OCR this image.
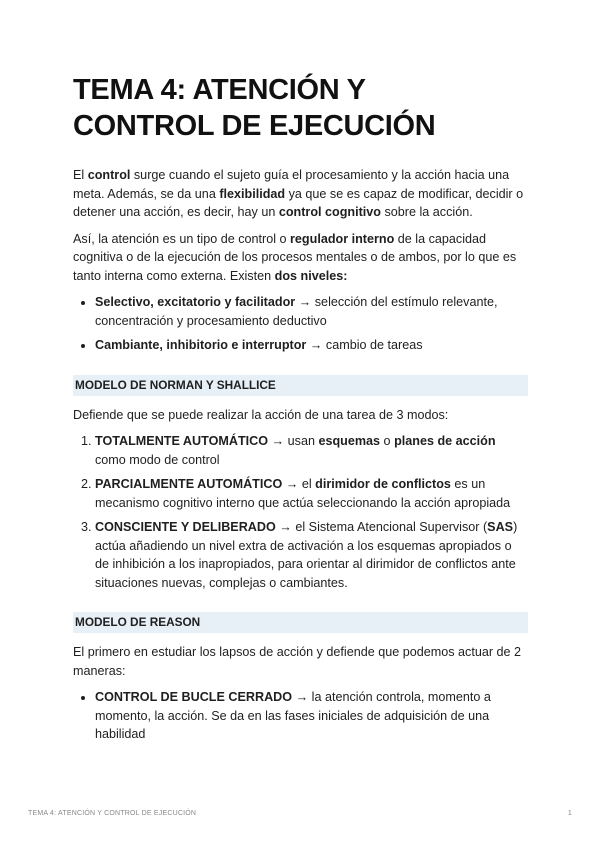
TEMA 4: ATENCIÓN Y
CONTROL DE EJECUCIÓN

El control surge cuando el sujeto guía el procesamiento y la acción hacia una meta. Además, se da una flexibilidad ya que se es capaz de modificar, decidir o detener una acción, es decir, hay un control cognitivo sobre la acción.

Así, la atención es un tipo de control o regulador interno de la capacidad cognitiva o de la ejecución de los procesos mentales o de ambos, por lo que es tanto interna como externa. Existen dos niveles:

• Selectivo, excitatorio y facilitador → selección del estímulo relevante, concentración y procesamiento deductivo
• Cambiante, inhibitorio e interruptor → cambio de tareas
MODELO DE NORMAN Y SHALLICE

Defiende que se puede realizar la acción de una tarea de 3 modos:

1. TOTALMENTE AUTOMÁTICO → usan esquemas o planes de acción como modo de control
2. PARCIALMENTE AUTOMÁTICO → el dirimidor de conflictos es un mecanismo cognitivo interno que actúa seleccionando la acción apropiada
3. CONSCIENTE Y DELIBERADO → el Sistema Atencional Supervisor (SAS) actúa añadiendo un nivel extra de activación a los esquemas apropiados o de inhibición a los inapropiados, para orientar al dirimidor de conflictos ante situaciones nuevas, complejas o cambiantes.
MODELO DE REASON

El primero en estudiar los lapsos de acción y defiende que podemos actuar de 2 maneras:

• CONTROL DE BUCLE CERRADO → la atención controla, momento a momento, la acción. Se da en las fases iniciales de adquisición de una habilidad
TEMA 4: ATENCIÓN Y CONTROL DE EJECUCIÓN	1
